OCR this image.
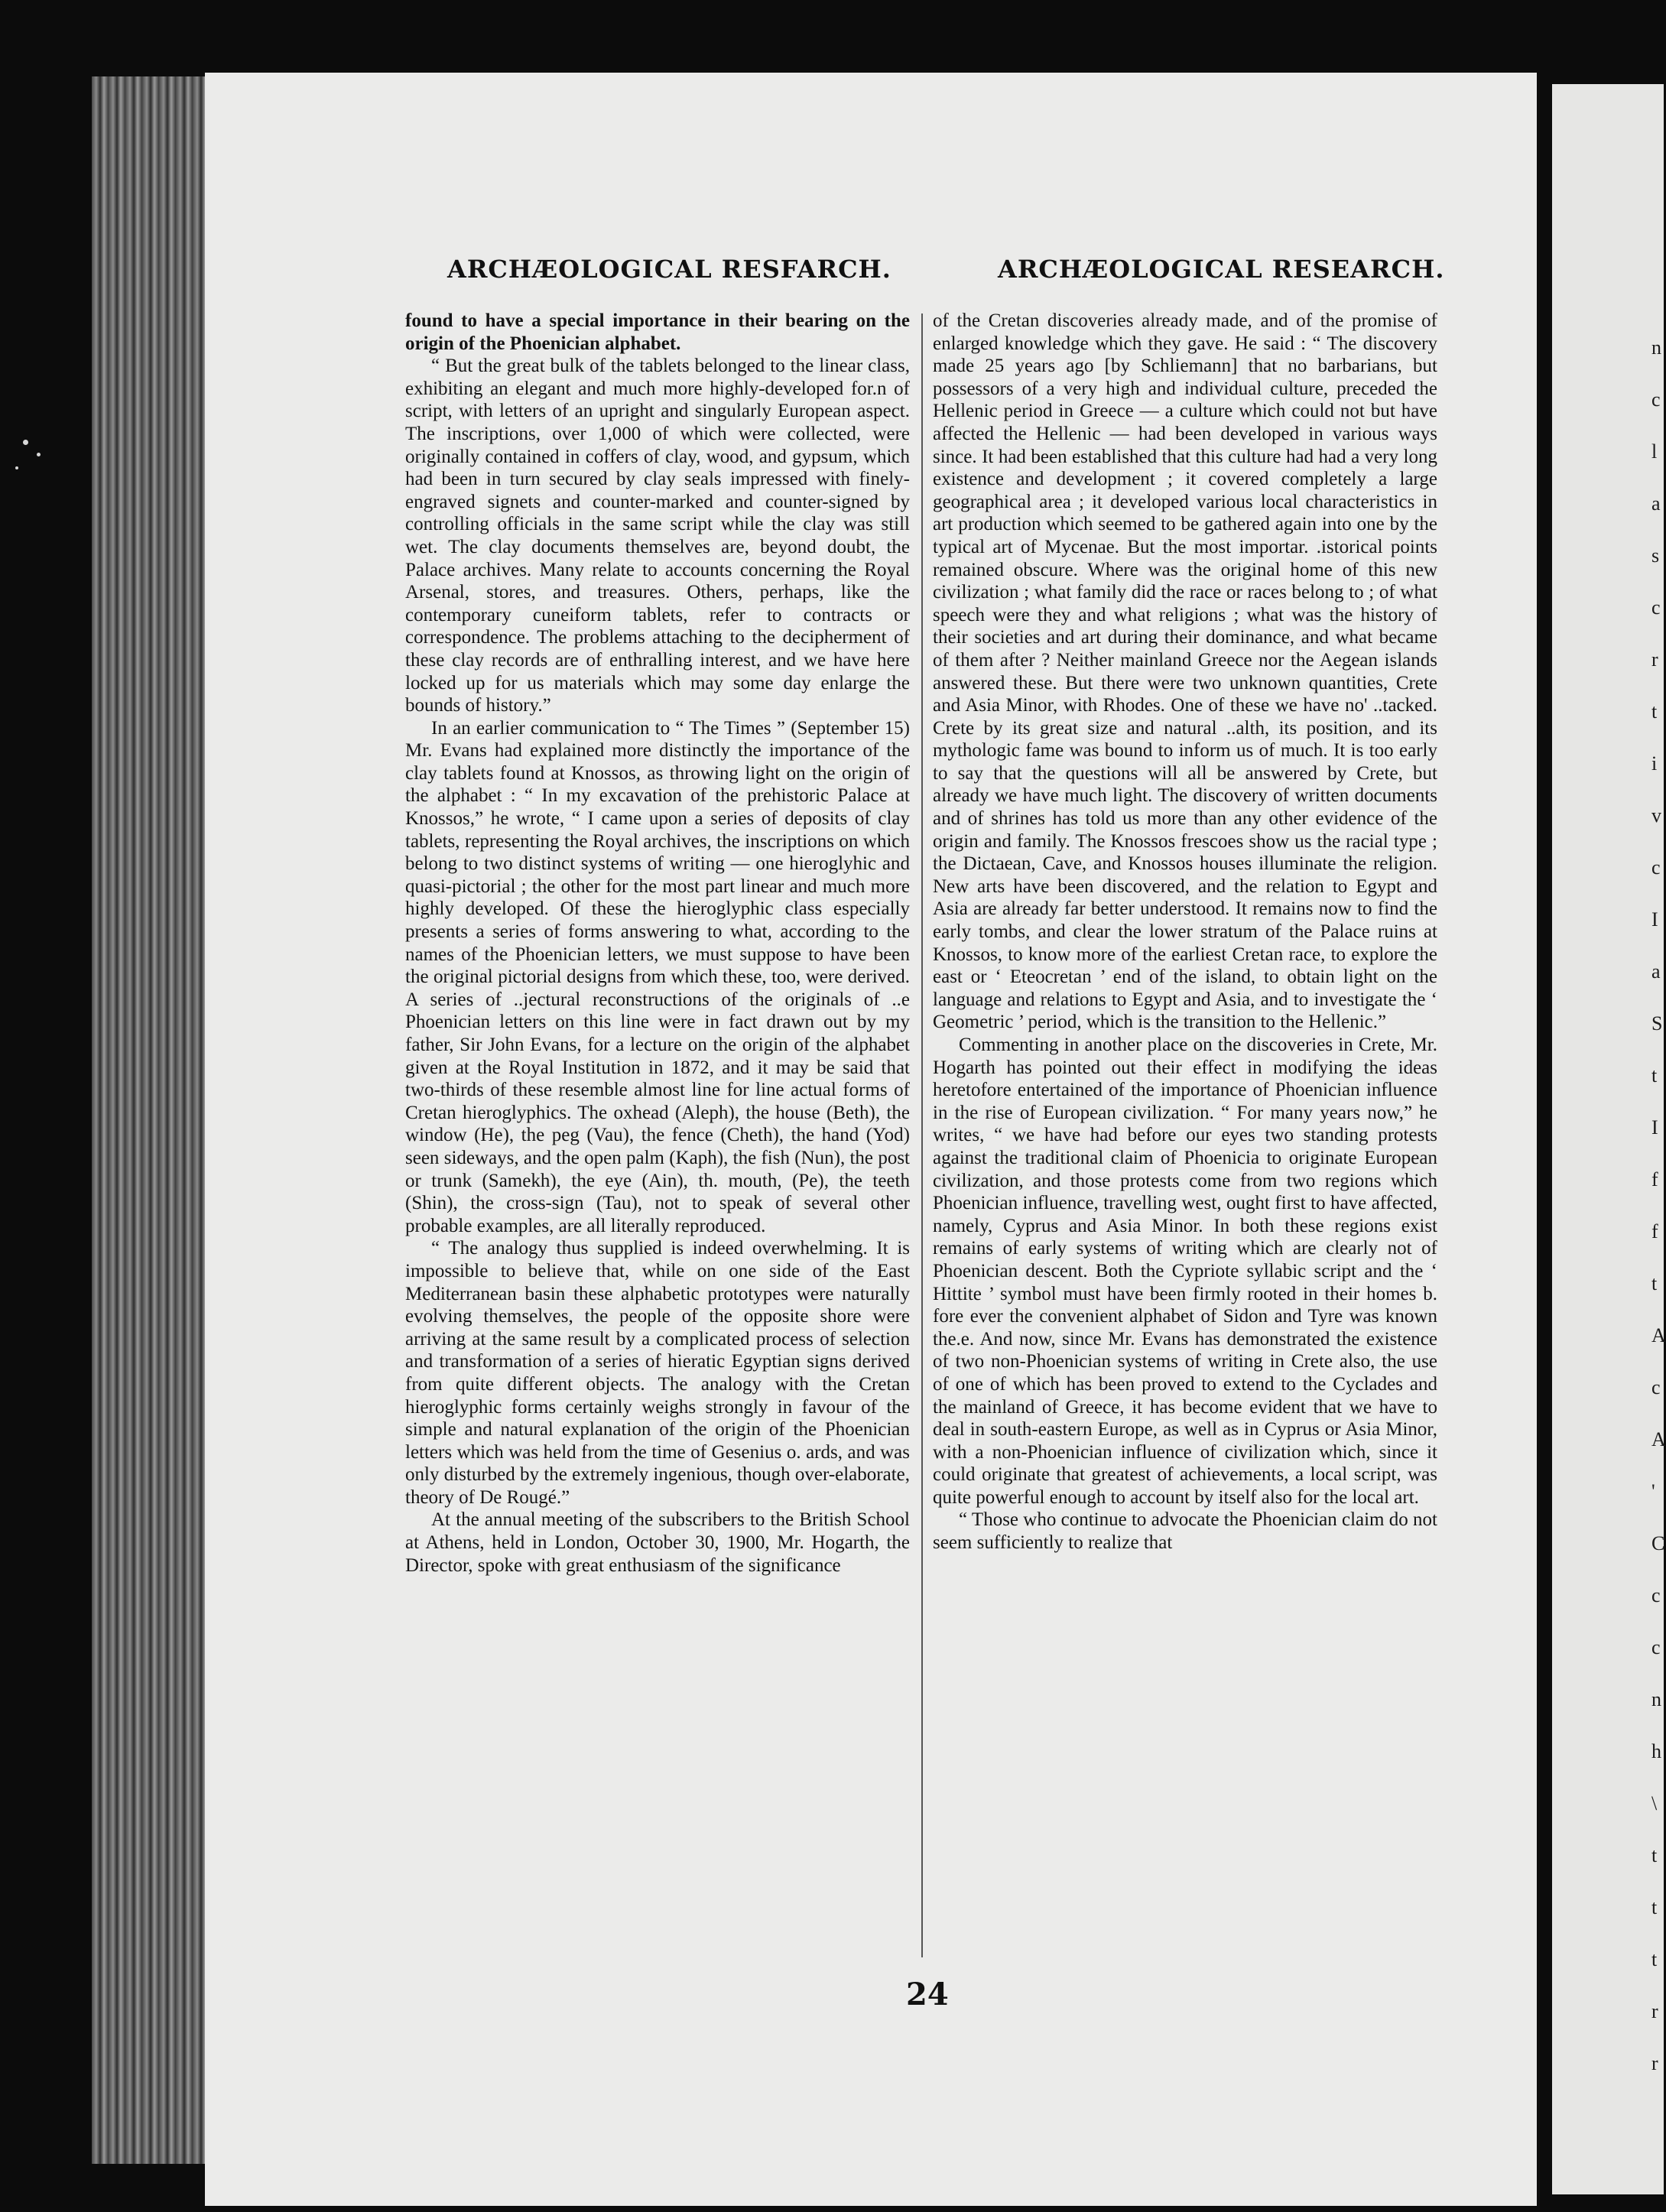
n
c
l
a
s
c
r
t
i
v
c
I
a
S
t
I
f
f
t
A
c
A
'
C
c
c
n
h
\
t
t
t
r
r
ARCHÆOLOGICAL RESFARCH.	ARCHÆOLOGICAL RESEARCH.

found to have a special importance in their bearing on the origin of the Phoenician alphabet.

“ But the great bulk of the tablets belonged to the linear class, exhibiting an elegant and much more highly-developed for.n of script, with letters of an upright and singularly European aspect. The inscriptions, over 1,000 of which were collected, were originally contained in coffers of clay, wood, and gypsum, which had been in turn secured by clay seals impressed with finely-engraved signets and counter-marked and counter-signed by controlling officials in the same script while the clay was still wet. The clay documents themselves are, beyond doubt, the Palace archives. Many relate to accounts concerning the Royal Arsenal, stores, and treasures. Others, perhaps, like the contemporary cuneiform tablets, refer to contracts or correspondence. The problems attaching to the decipherment of these clay records are of enthralling interest, and we have here locked up for us materials which may some day enlarge the bounds of history.”

In an earlier communication to “ The Times ” (September 15) Mr. Evans had explained more distinctly the importance of the clay tablets found at Knossos, as throwing light on the origin of the alphabet : “ In my excavation of the prehistoric Palace at Knossos,” he wrote, “ I came upon a series of deposits of clay tablets, representing the Royal archives, the inscriptions on which belong to two distinct systems of writing — one hieroglyhic and quasi-pictorial ; the other for the most part linear and much more highly developed. Of these the hieroglyphic class especially presents a series of forms answering to what, according to the names of the Phoenician letters, we must suppose to have been the original pictorial designs from which these, too, were derived. A series of ..jectural reconstructions of the originals of ..e Phoenician letters on this line were in fact drawn out by my father, Sir John Evans, for a lecture on the origin of the alphabet given at the Royal Institution in 1872, and it may be said that two-thirds of these resemble almost line for line actual forms of Cretan hieroglyphics. The oxhead (Aleph), the house (Beth), the window (He), the peg (Vau), the fence (Cheth), the hand (Yod) seen sideways, and the open palm (Kaph), the fish (Nun), the post or trunk (Samekh), the eye (Ain), th. mouth, (Pe), the teeth (Shin), the cross-sign (Tau), not to speak of several other probable examples, are all literally reproduced.

“ The analogy thus supplied is indeed overwhelming. It is impossible to believe that, while on one side of the East Mediterranean basin these alphabetic prototypes were naturally evolving themselves, the people of the opposite shore were arriving at the same result by a complicated process of selection and transformation of a series of hieratic Egyptian signs derived from quite different objects. The analogy with the Cretan hieroglyphic forms certainly weighs strongly in favour of the simple and natural explanation of the origin of the Phoenician letters which was held from the time of Gesenius o. ards, and was only disturbed by the extremely ingenious, though over-elaborate, theory of De Rougé.”

At the annual meeting of the subscribers to the British School at Athens, held in London, October 30, 1900, Mr. Hogarth, the Director, spoke with great enthusiasm of the significance

of the Cretan discoveries already made, and of the promise of enlarged knowledge which they gave. He said : “ The discovery made 25 years ago [by Schliemann] that no barbarians, but possessors of a very high and individual culture, preceded the Hellenic period in Greece — a culture which could not but have affected the Hellenic — had been developed in various ways since. It had been established that this culture had had a very long existence and development ; it covered completely a large geographical area ; it developed various local characteristics in art production which seemed to be gathered again into one by the typical art of Mycenae. But the most importar. .istorical points remained obscure. Where was the original home of this new civilization ; what family did the race or races belong to ; of what speech were they and what religions ; what was the history of their societies and art during their dominance, and what became of them after ? Neither mainland Greece nor the Aegean islands answered these. But there were two unknown quantities, Crete and Asia Minor, with Rhodes. One of these we have no' ..tacked. Crete by its great size and natural ..alth, its position, and its mythologic fame was bound to inform us of much. It is too early to say that the questions will all be answered by Crete, but already we have much light. The discovery of written documents and of shrines has told us more than any other evidence of the origin and family. The Knossos frescoes show us the racial type ; the Dictaean, Cave, and Knossos houses illuminate the religion. New arts have been discovered, and the relation to Egypt and Asia are already far better understood. It remains now to find the early tombs, and clear the lower stratum of the Palace ruins at Knossos, to know more of the earliest Cretan race, to explore the east or ‘ Eteocretan ’ end of the island, to obtain light on the language and relations to Egypt and Asia, and to investigate the ‘ Geometric ’ period, which is the transition to the Hellenic.”

Commenting in another place on the discoveries in Crete, Mr. Hogarth has pointed out their effect in modifying the ideas heretofore entertained of the importance of Phoenician influence in the rise of European civilization. “ For many years now,” he writes, “ we have had before our eyes two standing protests against the traditional claim of Phoenicia to originate European civilization, and those protests come from two regions which Phoenician influence, travelling west, ought first to have affected, namely, Cyprus and Asia Minor. In both these regions exist remains of early systems of writing which are clearly not of Phoenician descent. Both the Cypriote syllabic script and the ‘ Hittite ’ symbol must have been firmly rooted in their homes b. fore ever the convenient alphabet of Sidon and Tyre was known the.e. And now, since Mr. Evans has demonstrated the existence of two non-Phoenician systems of writing in Crete also, the use of one of which has been proved to extend to the Cyclades and the mainland of Greece, it has become evident that we have to deal in south-eastern Europe, as well as in Cyprus or Asia Minor, with a non-Phoenician influence of civilization which, since it could originate that greatest of achievements, a local script, was quite powerful enough to account by itself also for the local art.

“ Those who continue to advocate the Phoenician claim do not seem sufficiently to realize that

24
